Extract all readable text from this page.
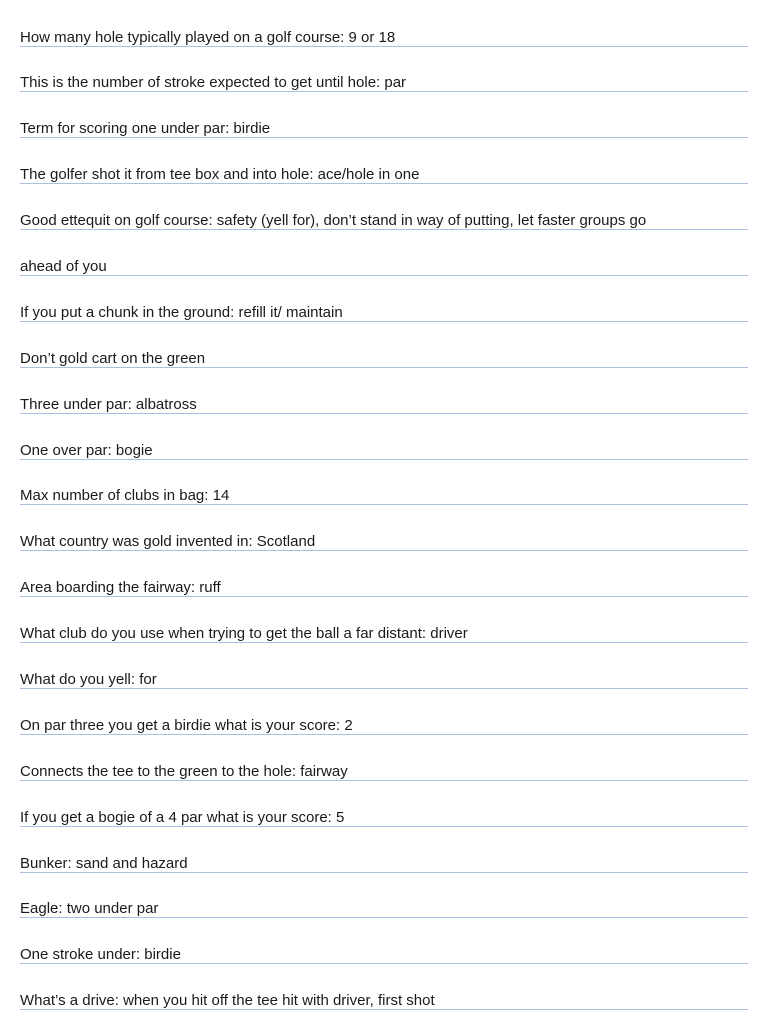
How many hole typically played on a golf course: 9 or 18
This is the number of stroke expected to get until hole: par
Term for scoring one under par: birdie
The golfer shot it from tee box and into hole: ace/hole in one
Good ettequit on golf course: safety (yell for), don’t stand in way of putting, let faster groups go
ahead of you
If you put a chunk in the ground: refill it/ maintain
Don’t gold cart on the green
Three under par: albatross
One over par: bogie
Max number of clubs in bag: 14
What country was gold invented in: Scotland
Area boarding the fairway: ruff
What club do you use when trying to get the ball a far distant: driver
What do you yell: for
On par three you get a birdie what is your score: 2
Connects the tee to the green to the hole: fairway
If you get a bogie of a 4 par what is your score: 5
Bunker: sand and hazard
Eagle: two under par
One stroke under: birdie
What’s a drive: when you hit off the tee hit with driver, first shot
